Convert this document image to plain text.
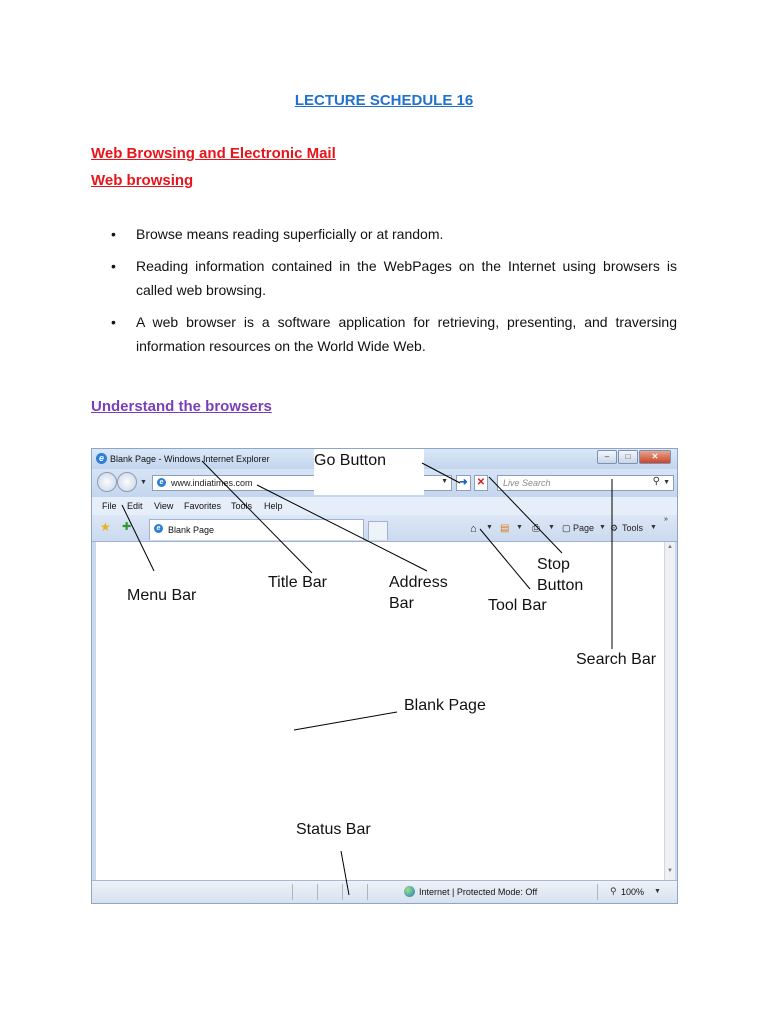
LECTURE SCHEDULE 16
Web Browsing and Electronic Mail
Web browsing
• Browse means reading superficially or at random.
• Reading information contained in the WebPages on the Internet using browsers is called web browsing.
• A web browser is a software application for retrieving, presenting, and traversing information resources on the World Wide Web.
Understand the browsers
e Blank Page - Windows Internet Explorer	– □	✕
▼	e www.indiatimes.com	▼	➜ ✕	Live Search	⚲ ▼
File Edit View Favorites Tools Help
★ ✚	e Blank Page	⌂ ▼ ▤ ▼ ⎙ ▼ ▢ Page ▼ ⚙ Tools ▼
»
▲
▼
Internet | Protected Mode: Off	⚲ 100% ▼
Go Button
Stop Button
Menu Bar
Title Bar	Address Bar	Tool Bar
Search Bar
Blank Page
Status Bar
